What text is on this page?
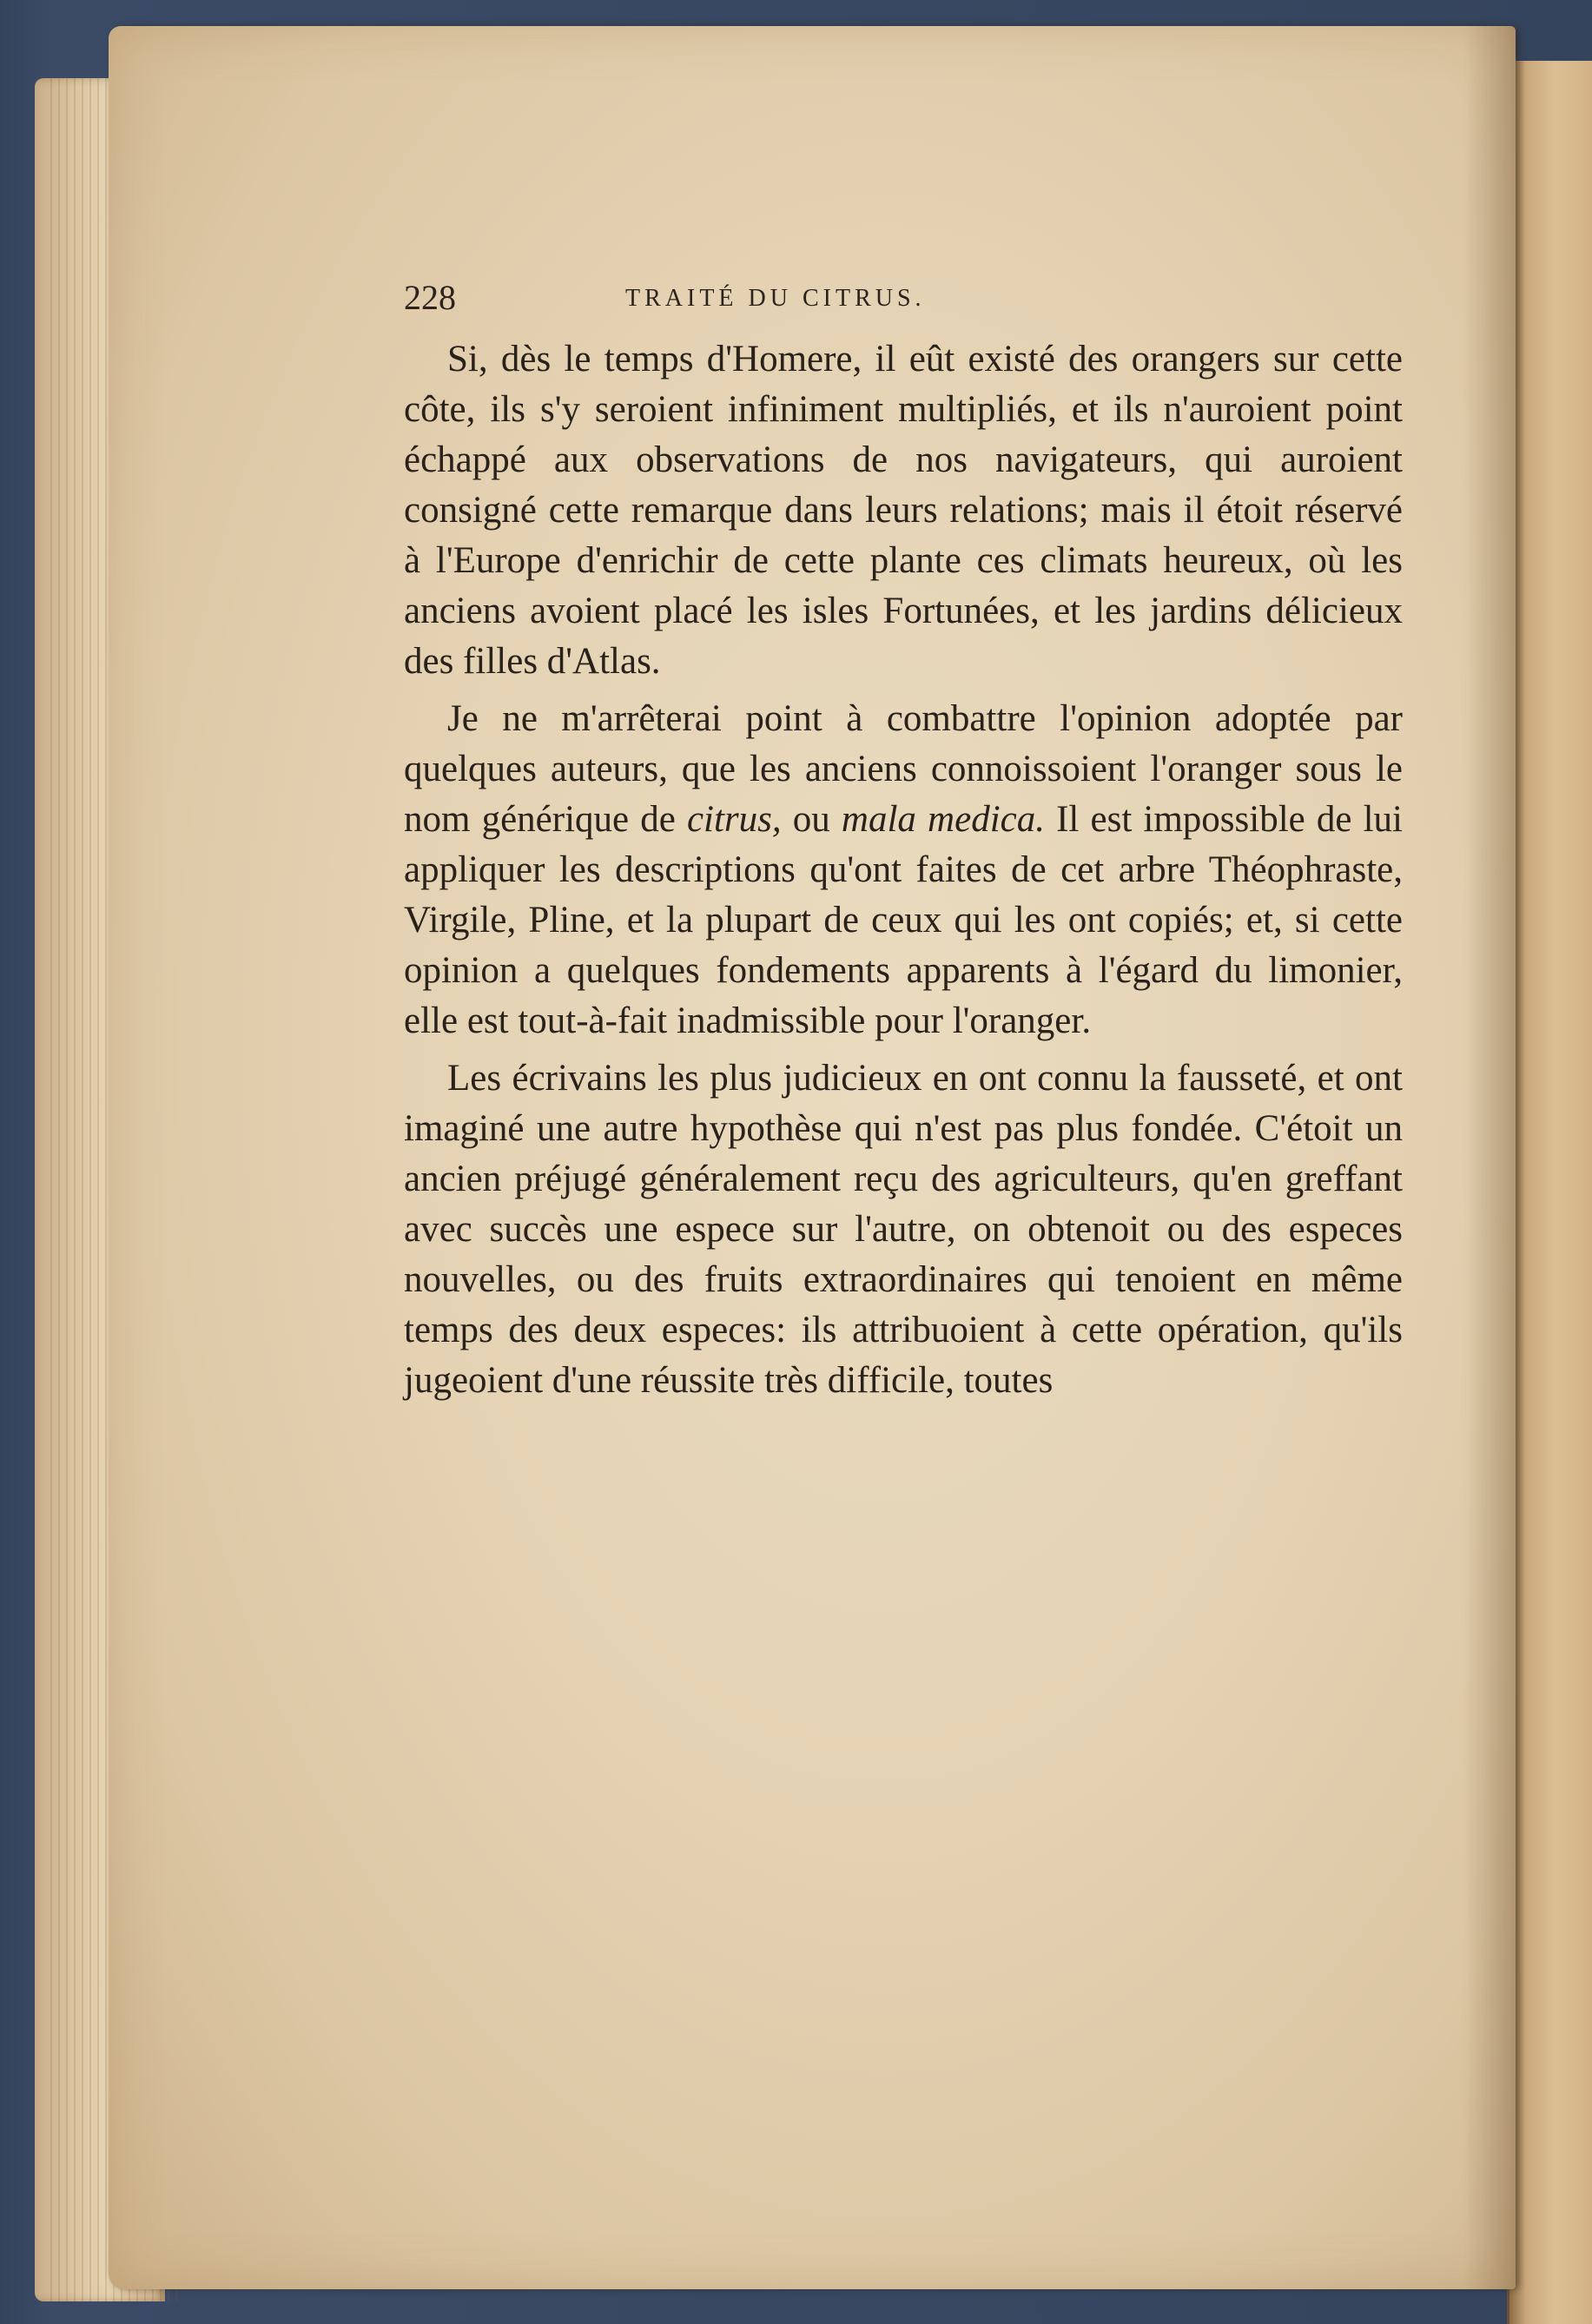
228	TRAITÉ DU CITRUS.

Si, dès le temps d'Homere, il eût existé des orangers sur cette côte, ils s'y seroient infiniment multipliés, et ils n'auroient point échappé aux observations de nos navigateurs, qui auroient consigné cette remarque dans leurs relations; mais il étoit réservé à l'Europe d'enrichir de cette plante ces climats heureux, où les anciens avoient placé les isles Fortunées, et les jardins délicieux des filles d'Atlas.

Je ne m'arrêterai point à combattre l'opinion adoptée par quelques auteurs, que les anciens connoissoient l'oranger sous le nom générique de citrus, ou mala medica. Il est impossible de lui appliquer les descriptions qu'ont faites de cet arbre Théophraste, Virgile, Pline, et la plupart de ceux qui les ont copiés; et, si cette opinion a quelques fondements apparents à l'égard du limonier, elle est tout-à-fait inadmissible pour l'oranger.

Les écrivains les plus judicieux en ont connu la fausseté, et ont imaginé une autre hypothèse qui n'est pas plus fondée. C'étoit un ancien préjugé généralement reçu des agriculteurs, qu'en greffant avec succès une espece sur l'autre, on obtenoit ou des especes nouvelles, ou des fruits extraordinaires qui tenoient en même temps des deux especes: ils attribuoient à cette opération, qu'ils jugeoient d'une réussite très difficile, toutes
